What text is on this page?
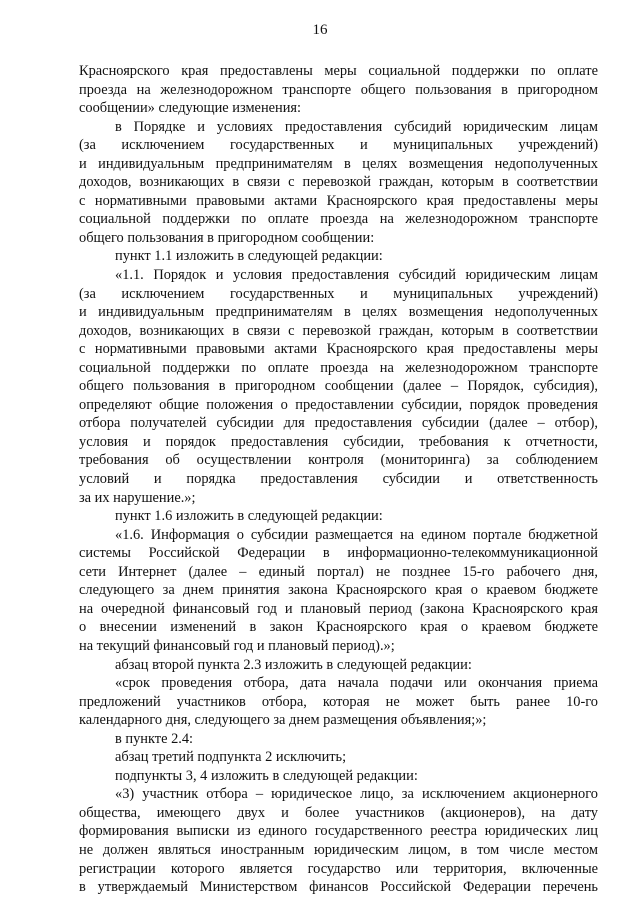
16

Красноярского края предоставлены меры социальной поддержки по оплате

проезда на железнодорожном транспорте общего пользования в пригородном

сообщении» следующие изменения:

в Порядке и условиях предоставления субсидий юридическим лицам

(за исключением государственных и муниципальных учреждений)

и индивидуальным предпринимателям в целях возмещения недополученных

доходов, возникающих в связи с перевозкой граждан, которым в соответствии

с нормативными правовыми актами Красноярского края предоставлены меры

социальной поддержки по оплате проезда на железнодорожном транспорте

общего пользования в пригородном сообщении:

пункт 1.1 изложить в следующей редакции:

«1.1. Порядок и условия предоставления субсидий юридическим лицам

(за исключением государственных и муниципальных учреждений)

и индивидуальным предпринимателям в целях возмещения недополученных

доходов, возникающих в связи с перевозкой граждан, которым в соответствии

с нормативными правовыми актами Красноярского края предоставлены меры

социальной поддержки по оплате проезда на железнодорожном транспорте

общего пользования в пригородном сообщении (далее – Порядок, субсидия),

определяют общие положения о предоставлении субсидии, порядок проведения

отбора получателей субсидии для предоставления субсидии (далее – отбор),

условия и порядок предоставления субсидии, требования к отчетности,

требования об осуществлении контроля (мониторинга) за соблюдением

условий и порядка предоставления субсидии и ответственность

за их нарушение.»;

пункт 1.6 изложить в следующей редакции:

«1.6. Информация о субсидии размещается на едином портале бюджетной

системы Российской Федерации в информационно-телекоммуникационной

сети Интернет (далее – единый портал) не позднее 15-го рабочего дня,

следующего за днем принятия закона Красноярского края о краевом бюджете

на очередной финансовый год и плановый период (закона Красноярского края

о внесении изменений в закон Красноярского края о краевом бюджете

на текущий финансовый год и плановый период).»;

абзац второй пункта 2.3 изложить в следующей редакции:

«срок проведения отбора, дата начала подачи или окончания приема

предложений участников отбора, которая не может быть ранее 10-го

календарного дня, следующего за днем размещения объявления;»;

в пункте 2.4:

абзац третий подпункта 2 исключить;

подпункты 3, 4 изложить в следующей редакции:

«3) участник отбора – юридическое лицо, за исключением акционерного

общества, имеющего двух и более участников (акционеров), на дату

формирования выписки из единого государственного реестра юридических лиц

не должен являться иностранным юридическим лицом, в том числе местом

регистрации которого является государство или территория, включенные

в утверждаемый Министерством финансов Российской Федерации перечень
